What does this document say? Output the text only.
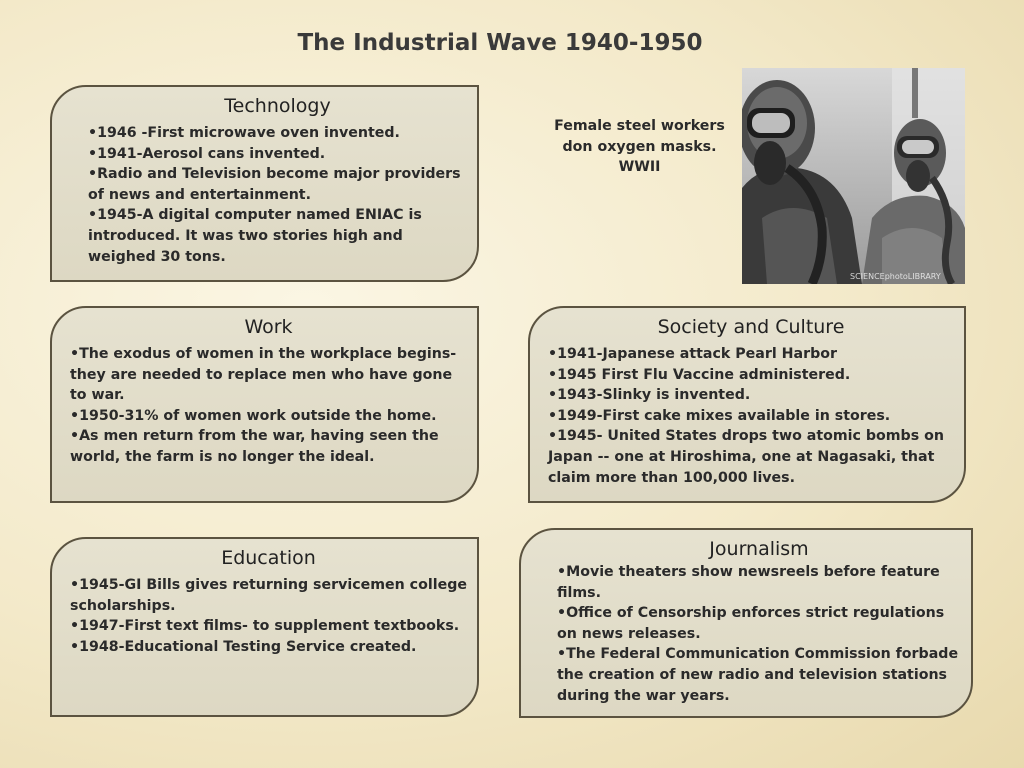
The Industrial Wave 1940-1950
Technology
• 1946 -First microwave oven invented.
• 1941-Aerosol cans invented.
• Radio and Television become major providers of news and entertainment.
• 1945-A digital computer named ENIAC is introduced. It was two stories high and weighed 30 tons.
Female steel workers don oxygen masks.
WWII
SCIENCEphotoLIBRARY
Work
• The exodus of women in the workplace begins-they are needed to replace men who have gone to war.
• 1950-31% of women work outside the home.
• As men return from the war, having seen the world, the farm is no longer the ideal.
Society and Culture
• 1941-Japanese attack Pearl Harbor
• 1945 First Flu Vaccine administered.
• 1943-Slinky is invented.
• 1949-First cake mixes available in stores.
• 1945- United States drops two atomic bombs on Japan -- one at Hiroshima, one at Nagasaki, that claim more than 100,000 lives.
Education
• 1945-GI Bills gives returning servicemen college scholarships.
• 1947-First text films- to supplement textbooks.
• 1948-Educational Testing Service created.
Journalism
• Movie theaters show newsreels before feature films.
• Office of Censorship enforces strict regulations on news releases.
• The Federal Communication Commission forbade the creation of new radio and television stations during the war years.
